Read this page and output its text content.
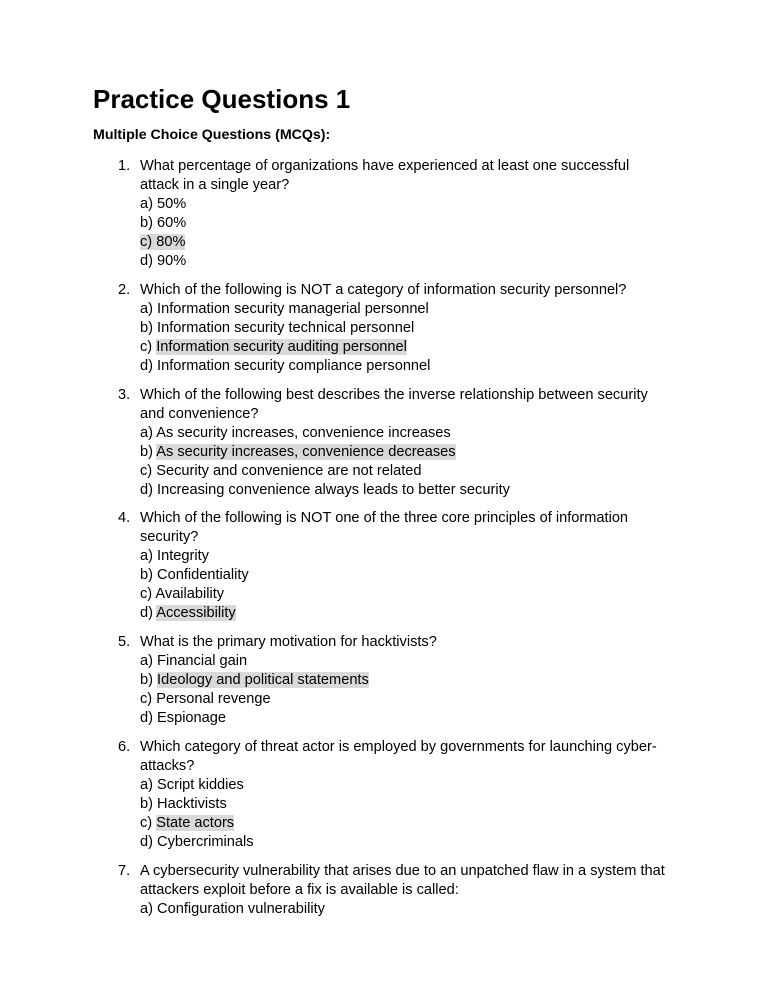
Practice Questions 1
Multiple Choice Questions (MCQs):
1. What percentage of organizations have experienced at least one successful attack in a single year?
a) 50%
b) 60%
c) 80%
d) 90%
2. Which of the following is NOT a category of information security personnel?
a) Information security managerial personnel
b) Information security technical personnel
c) Information security auditing personnel
d) Information security compliance personnel
3. Which of the following best describes the inverse relationship between security and convenience?
a) As security increases, convenience increases
b) As security increases, convenience decreases
c) Security and convenience are not related
d) Increasing convenience always leads to better security
4. Which of the following is NOT one of the three core principles of information security?
a) Integrity
b) Confidentiality
c) Availability
d) Accessibility
5. What is the primary motivation for hacktivists?
a) Financial gain
b) Ideology and political statements
c) Personal revenge
d) Espionage
6. Which category of threat actor is employed by governments for launching cyber-attacks?
a) Script kiddies
b) Hacktivists
c) State actors
d) Cybercriminals
7. A cybersecurity vulnerability that arises due to an unpatched flaw in a system that attackers exploit before a fix is available is called:
a) Configuration vulnerability
